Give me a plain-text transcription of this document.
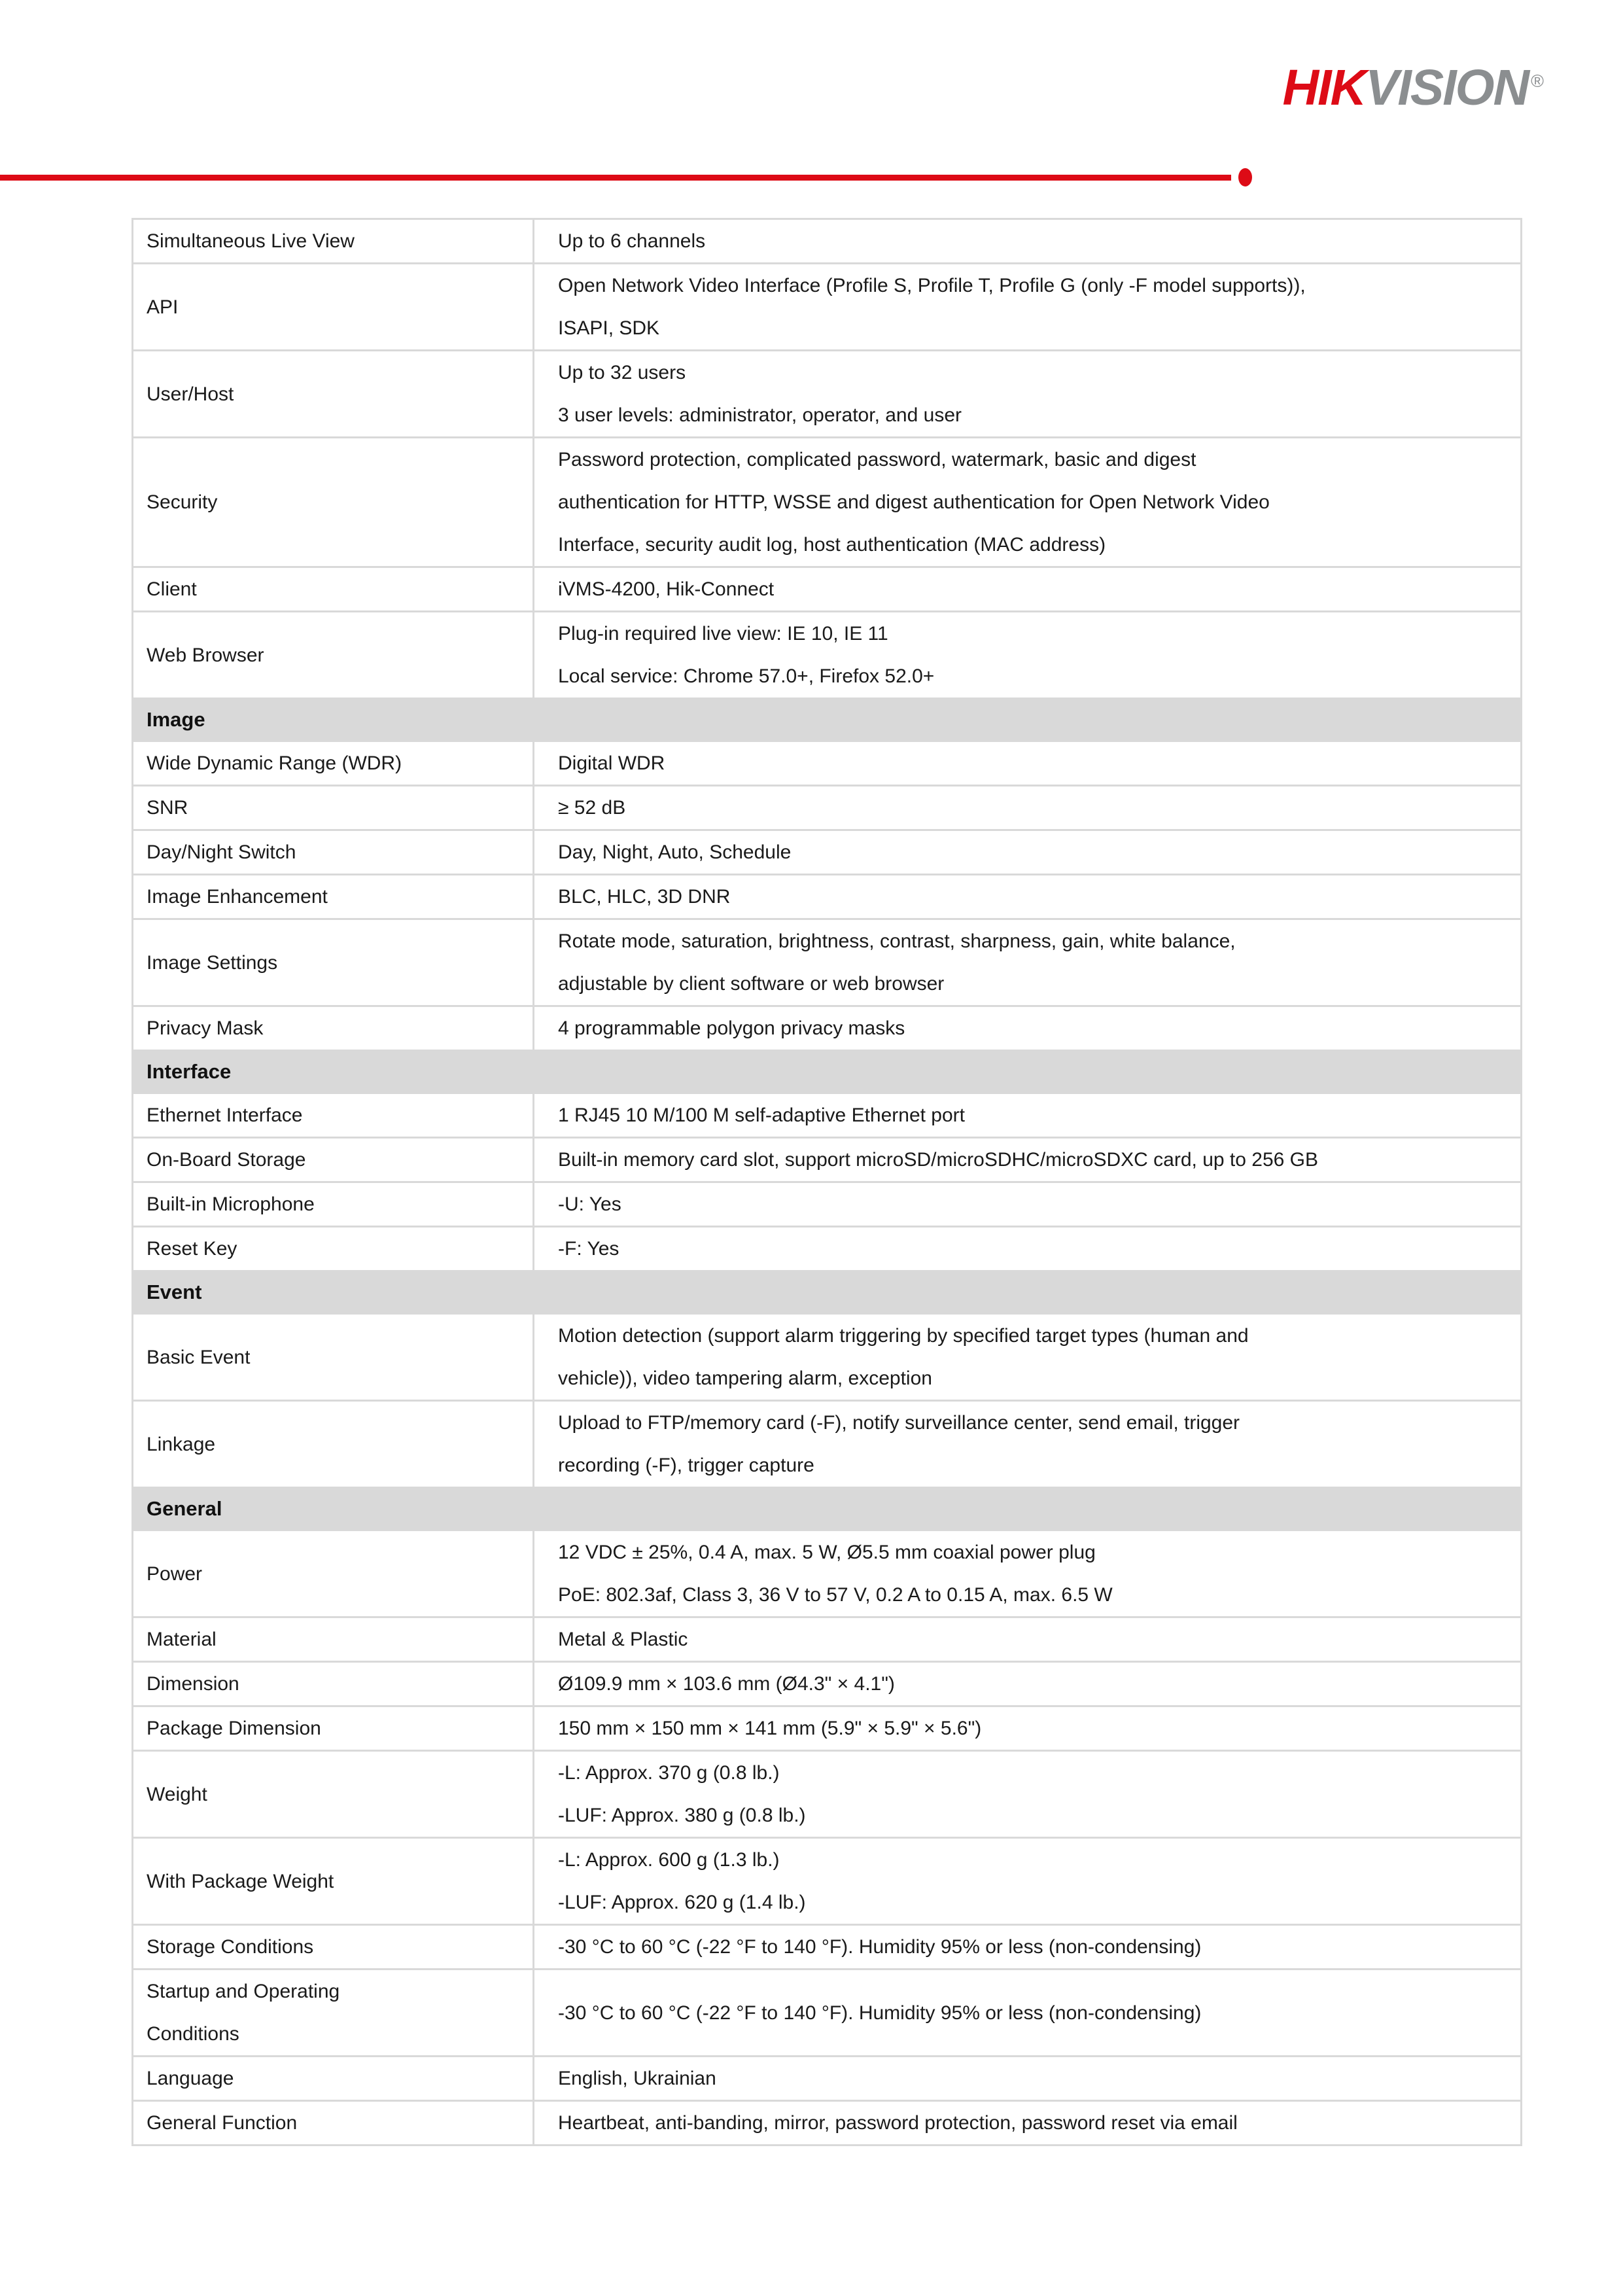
HIKVISION ®
Simultaneous Live View	Up to 6 channels

API	Open Network Video Interface (Profile S, Profile T, Profile G (only -F model supports)),
ISAPI, SDK

User/Host	Up to 32 users
3 user levels: administrator, operator, and user

Security	Password protection, complicated password, watermark, basic and digest
authentication for HTTP, WSSE and digest authentication for Open Network Video
Interface, security audit log, host authentication (MAC address)

Client	iVMS-4200, Hik-Connect

Web Browser	Plug-in required live view: IE 10, IE 11
Local service: Chrome 57.0+, Firefox 52.0+

Image	

Wide Dynamic Range (WDR)	Digital WDR

SNR	≥ 52 dB

Day/Night Switch	Day, Night, Auto, Schedule

Image Enhancement	BLC, HLC, 3D DNR

Image Settings	Rotate mode, saturation, brightness, contrast, sharpness, gain, white balance,
adjustable by client software or web browser

Privacy Mask	4 programmable polygon privacy masks

Interface	

Ethernet Interface	1 RJ45 10 M/100 M self-adaptive Ethernet port

On-Board Storage	Built-in memory card slot, support microSD/microSDHC/microSDXC card, up to 256 GB

Built-in Microphone	-U: Yes

Reset Key	-F: Yes

Event	

Basic Event	Motion detection (support alarm triggering by specified target types (human and
vehicle)), video tampering alarm, exception

Linkage	Upload to FTP/memory card (-F), notify surveillance center, send email, trigger
recording (-F), trigger capture

General	

Power	12 VDC ± 25%, 0.4 A, max. 5 W, Ø5.5 mm coaxial power plug
PoE: 802.3af, Class 3, 36 V to 57 V, 0.2 A to 0.15 A, max. 6.5 W

Material	Metal & Plastic

Dimension	Ø109.9 mm × 103.6 mm (Ø4.3" × 4.1")

Package Dimension	150 mm × 150 mm × 141 mm (5.9" × 5.9" × 5.6")

Weight	-L: Approx. 370 g (0.8 lb.)
-LUF: Approx. 380 g (0.8 lb.)

With Package Weight	-L: Approx. 600 g (1.3 lb.)
-LUF: Approx. 620 g (1.4 lb.)

Storage Conditions	-30 °C to 60 °C (-22 °F to 140 °F). Humidity 95% or less (non-condensing)

Startup and Operating
Conditions	-30 °C to 60 °C (-22 °F to 140 °F). Humidity 95% or less (non-condensing)

Language	English, Ukrainian

General Function	Heartbeat, anti-banding, mirror, password protection, password reset via email
